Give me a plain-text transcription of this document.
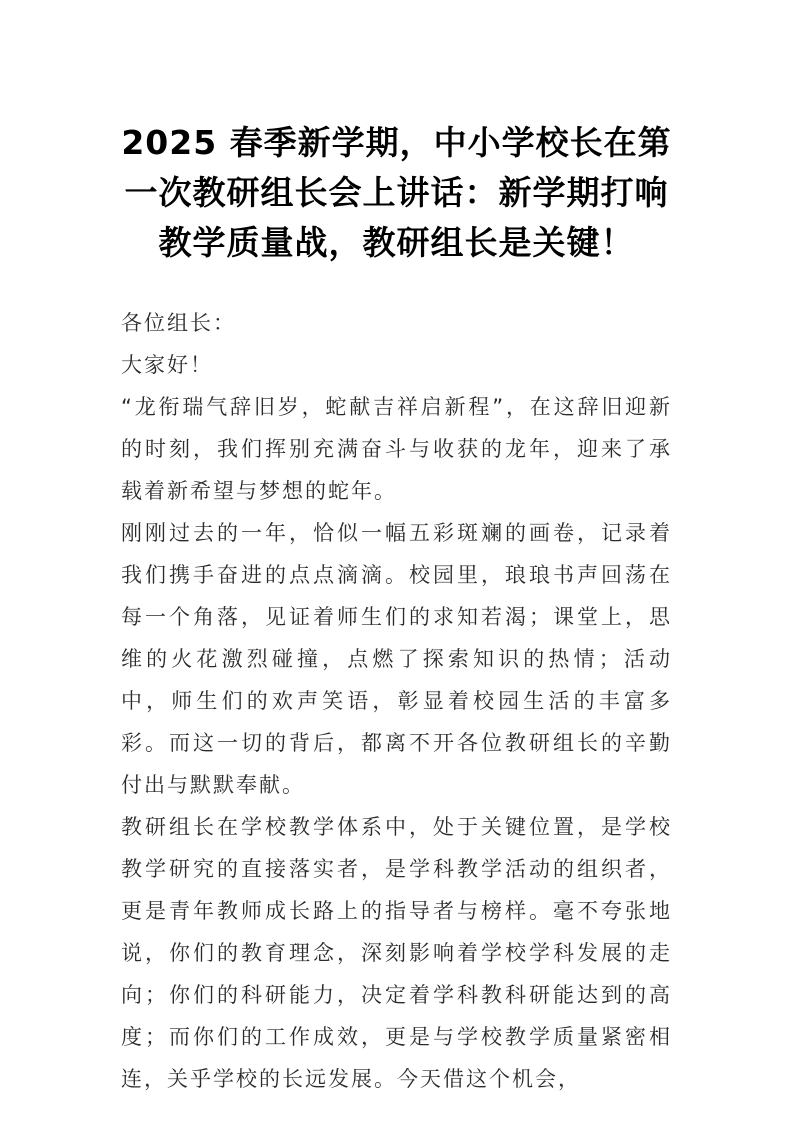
2025 春季新学期，中小学校长在第一次教研组长会上讲话：新学期打响教学质量战，教研组长是关键！

各位组长：

大家好！

“龙衔瑞气辞旧岁，蛇献吉祥启新程”，在这辞旧迎新的时刻，我们挥别充满奋斗与收获的龙年，迎来了承载着新希望与梦想的蛇年。

刚刚过去的一年，恰似一幅五彩斑斓的画卷，记录着我们携手奋进的点点滴滴。校园里，琅琅书声回荡在每一个角落，见证着师生们的求知若渴；课堂上，思维的火花激烈碰撞，点燃了探索知识的热情；活动中，师生们的欢声笑语，彰显着校园生活的丰富多彩。而这一切的背后，都离不开各位教研组长的辛勤付出与默默奉献。

教研组长在学校教学体系中，处于关键位置，是学校教学研究的直接落实者，是学科教学活动的组织者，更是青年教师成长路上的指导者与榜样。毫不夸张地说，你们的教育理念，深刻影响着学校学科发展的走向；你们的科研能力，决定着学科教科研能达到的高度；而你们的工作成效，更是与学校教学质量紧密相连，关乎学校的长远发展。今天借这个机会，
